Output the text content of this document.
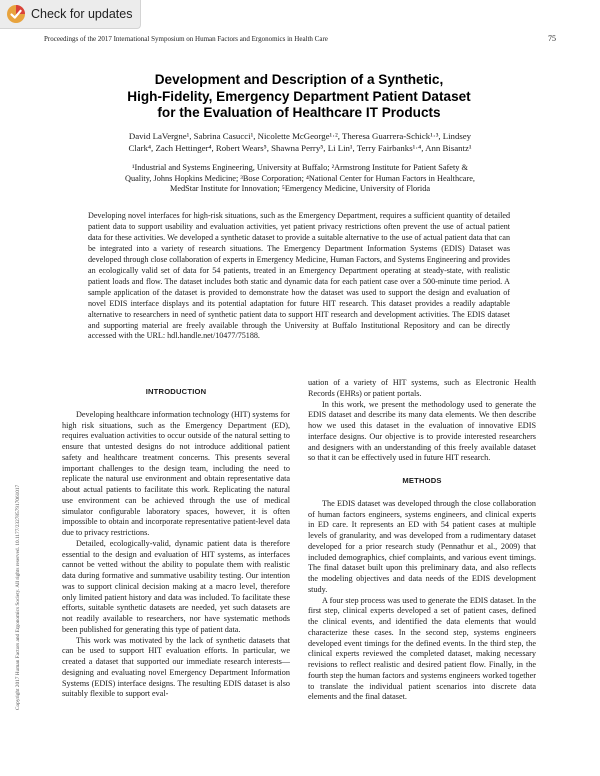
Check for updates
Proceedings of the 2017 International Symposium on Human Factors and Ergonomics in Health Care	75
Development and Description of a Synthetic,
High-Fidelity, Emergency Department Patient Dataset
for the Evaluation of Healthcare IT Products
David LaVergne¹, Sabrina Casucci¹, Nicolette McGeorge¹·², Theresa Guarrera-Schick¹·³, Lindsey
Clark⁴, Zach Hettinger⁴, Robert Wears⁵, Shawna Perry⁵, Li Lin¹, Terry Fairbanks¹·⁴, Ann Bisantz¹
¹Industrial and Systems Engineering, University at Buffalo; ²Armstrong Institute for Patient Safety &
Quality, Johns Hopkins Medicine; ³Bose Corporation; ⁴National Center for Human Factors in Healthcare,
MedStar Institute for Innovation; ⁵Emergency Medicine, University of Florida
Developing novel interfaces for high-risk situations, such as the Emergency Department, requires a sufficient quantity of detailed patient data to support usability and evaluation activities, yet patient privacy restrictions often prevent the use of actual patient data for these activities. We developed a synthetic dataset to provide a suitable alternative to the use of actual patient data that can be integrated into a variety of research situations. The Emergency Department Information Systems (EDIS) Dataset was developed through close collaboration of experts in Emergency Medicine, Human Factors, and Systems Engineering and provides an ecologically valid set of data for 54 patients, treated in an Emergency Department operating at steady-state, with realistic patient loads and flow. The dataset includes both static and dynamic data for each patient case over a 500-minute time period. A sample application of the dataset is provided to demonstrate how the dataset was used to support the design and evaluation of novel EDIS interface displays and its potential adaptation for future HIT research. This dataset provides a readily adaptable alternative to researchers in need of synthetic patient data to support HIT research and development activities. The EDIS dataset and supporting material are freely available through the University at Buffalo Institutional Repository and can be directly accessed with the URL: hdl.handle.net/10477/75188.
INTRODUCTION

Developing healthcare information technology (HIT) systems for high risk situations, such as the Emergency Department (ED), requires evaluation activities to occur outside of the natural setting to ensure that untested designs do not introduce additional patient safety and healthcare treatment concerns. This presents several important challenges to the design team, including the need to replicate the natural use environment and obtain representative data about actual patients to facilitate this work. Replicating the natural use environment can be achieved through the use of medical simulator configurable laboratory spaces, however, it is often impossible to obtain and incorporate representative patient-level data due to privacy restrictions.

Detailed, ecologically-valid, dynamic patient data is therefore essential to the design and evaluation of HIT systems, as interfaces cannot be vetted without the ability to populate them with realistic data during formative and summative usability testing. Our intention was to support clinical decision making at a macro level, therefore only limited patient history and data was included. To facilitate these efforts, suitable synthetic datasets are needed, yet such datasets are not readily available to researchers, nor have systematic methods been published for generating this type of patient data.

This work was motivated by the lack of synthetic datasets that can be used to support HIT evaluation efforts. In particular, we created a dataset that supported our immediate research interests—designing and evaluating novel Emergency Department Information Systems (EDIS) interface designs. The resulting EDIS dataset is also suitably flexible to support eval-

uation of a variety of HIT systems, such as Electronic Health Records (EHRs) or patient portals.

In this work, we present the methodology used to generate the EDIS dataset and describe its many data elements. We then describe how we used this dataset in the evaluation of innovative EDIS interface designs. Our objective is to provide interested researchers and designers with an understanding of this freely available dataset so that it can be effectively used in future HIT research.

METHODS

The EDIS dataset was developed through the close collaboration of human factors engineers, systems engineers, and clinical experts in ED care. It represents an ED with 54 patient cases at multiple levels of granularity, and was developed from a rudimentary dataset developed for a prior research study (Pennathur et al., 2009) that included demographics, chief complaints, and various event timings. The final dataset built upon this preliminary data, and also reflects the modeling objectives and data needs of the EDIS development study.

A four step process was used to generate the EDIS dataset. In the first step, clinical experts developed a set of patient cases, defined the clinical events, and identified the data elements that would characterize these cases. In the second step, systems engineers developed event timings for the defined events. In the third step, the clinical experts reviewed the completed dataset, making necessary revisions to reflect realistic and desired patient flow. Finally, in the fourth step the human factors and systems engineers worked together to translate the individual patient scenarios into discrete data elements and the final dataset.

Copyright 2017 Human Factors and Ergonomics Society. All rights reserved. 10.1177/2327857917061017
